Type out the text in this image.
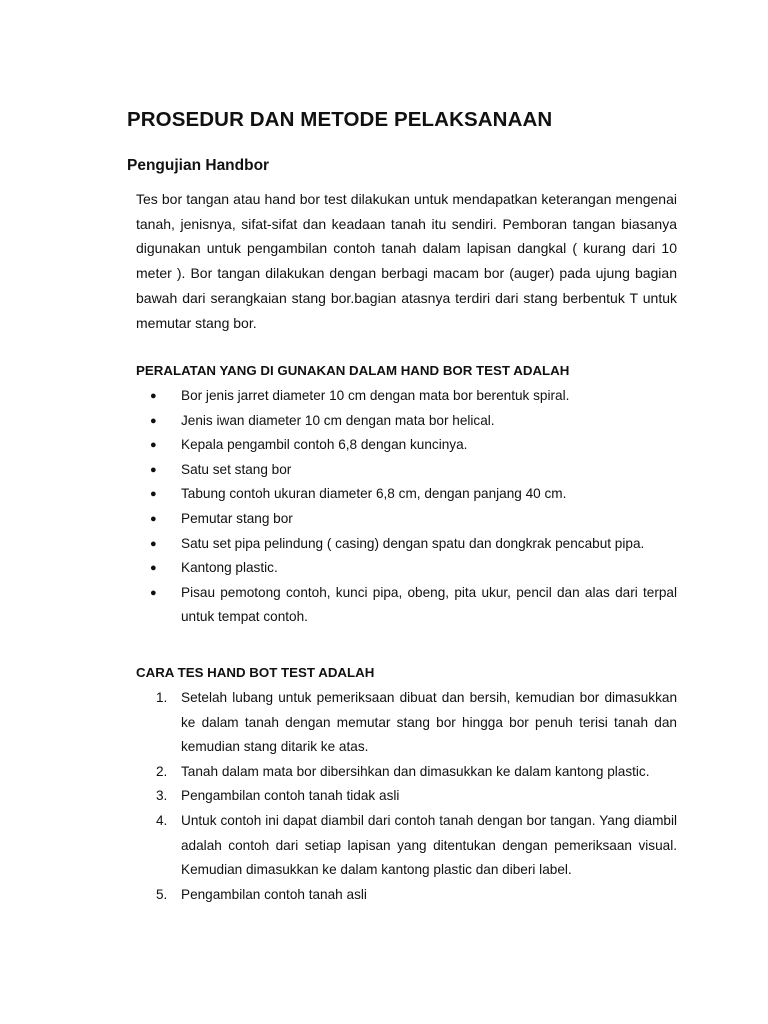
PROSEDUR DAN METODE PELAKSANAAN
Pengujian Handbor

Tes bor tangan atau hand bor test dilakukan untuk mendapatkan keterangan mengenai tanah, jenisnya, sifat-sifat dan keadaan tanah itu sendiri. Pemboran tangan biasanya digunakan untuk pengambilan contoh tanah dalam lapisan dangkal ( kurang dari 10 meter ). Bor tangan dilakukan dengan berbagi macam bor (auger) pada ujung bagian bawah dari serangkaian stang bor.bagian atasnya terdiri dari stang berbentuk T untuk memutar stang bor.

PERALATAN YANG DI GUNAKAN DALAM HAND BOR TEST ADALAH
●	Bor jenis jarret diameter 10 cm dengan mata bor berentuk spiral.
●	Jenis iwan diameter 10 cm dengan mata bor helical.
●	Kepala pengambil contoh 6,8 dengan kuncinya.
●	Satu set stang bor
●	Tabung contoh ukuran diameter 6,8 cm, dengan panjang 40 cm.
●	Pemutar stang bor
●	Satu set pipa pelindung ( casing) dengan spatu dan dongkrak pencabut pipa.
●	Kantong plastic.
●	Pisau pemotong contoh, kunci pipa, obeng, pita ukur, pencil dan alas dari terpal untuk tempat contoh.
CARA TES HAND BOT TEST ADALAH
1.	Setelah lubang untuk pemeriksaan dibuat dan bersih, kemudian bor dimasukkan ke dalam tanah dengan memutar stang bor hingga bor penuh terisi tanah dan kemudian stang ditarik ke atas.
2.	Tanah dalam mata bor dibersihkan dan dimasukkan ke dalam kantong plastic.
3.	Pengambilan contoh tanah tidak asli
4.	Untuk contoh ini dapat diambil dari contoh tanah dengan bor tangan. Yang diambil adalah contoh dari setiap lapisan yang ditentukan dengan pemeriksaan visual. Kemudian dimasukkan ke dalam kantong plastic dan diberi label.
5.	Pengambilan contoh tanah asli
